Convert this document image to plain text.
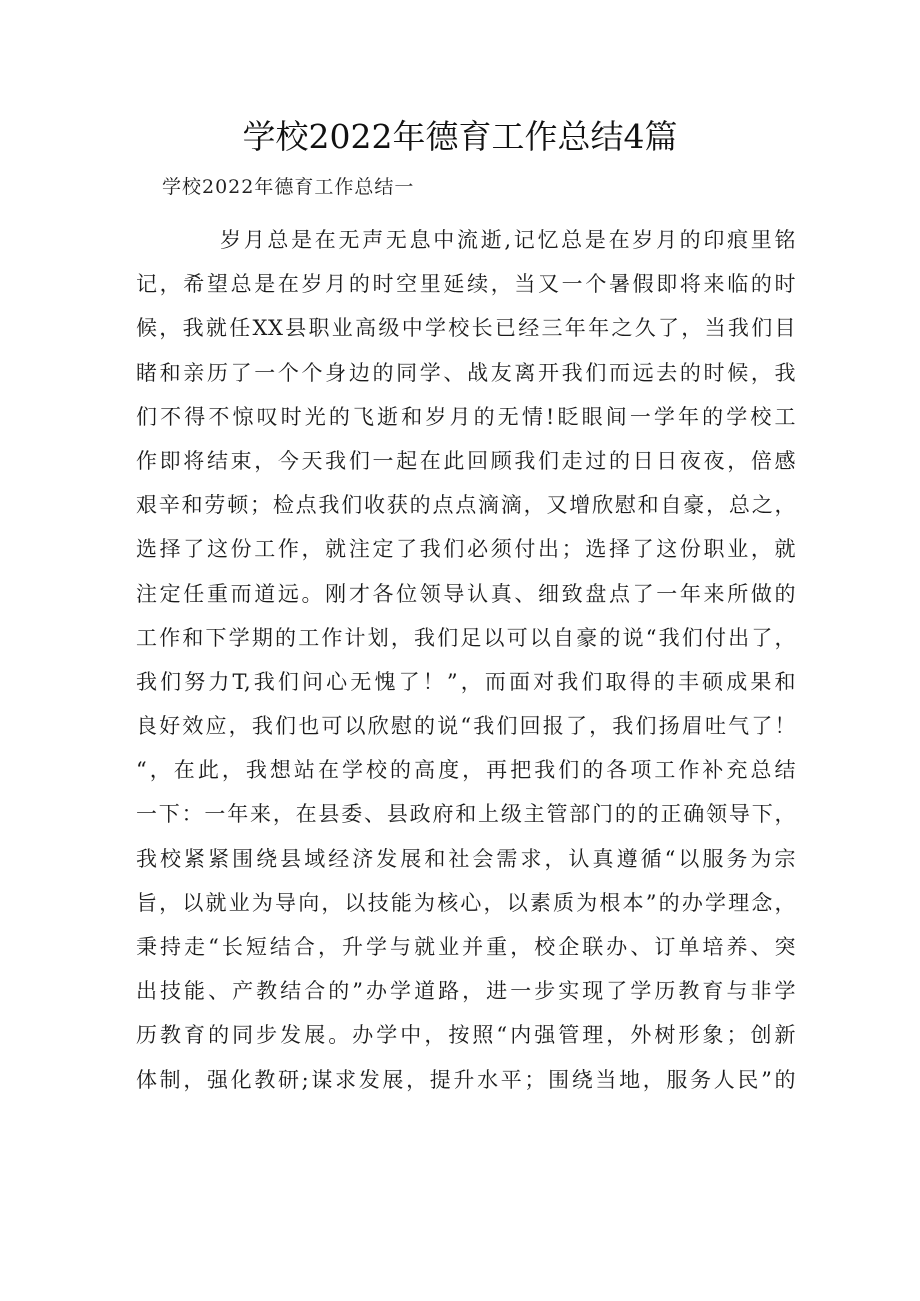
学校2022年德育工作总结4篇
学校2022年德育工作总结一
岁月总是在无声无息中流逝,记忆总是在岁月的印痕里铭
记，希望总是在岁月的时空里延续，当又一个暑假即将来临的时
候，我就任XX县职业高级中学校长已经三年年之久了，当我们目
睹和亲历了一个个身边的同学、战友离开我们而远去的时候，我
们不得不惊叹时光的飞逝和岁月的无情!眨眼间一学年的学校工
作即将结束，今天我们一起在此回顾我们走过的日日夜夜，倍感
艰辛和劳顿；检点我们收获的点点滴滴，又增欣慰和自豪，总之，
选择了这份工作，就注定了我们必须付出；选择了这份职业，就
注定任重而道远。刚才各位领导认真、细致盘点了一年来所做的
工作和下学期的工作计划，我们足以可以自豪的说“我们付出了，
我们努力T,我们问心无愧了！”，而面对我们取得的丰硕成果和
良好效应，我们也可以欣慰的说“我们回报了，我们扬眉吐气了！
“，在此，我想站在学校的高度，再把我们的各项工作补充总结
一下：一年来，在县委、县政府和上级主管部门的的正确领导下，
我校紧紧围绕县域经济发展和社会需求，认真遵循“以服务为宗
旨，以就业为导向，以技能为核心，以素质为根本”的办学理念，
秉持走“长短结合，升学与就业并重，校企联办、订单培养、突
出技能、产教结合的”办学道路，进一步实现了学历教育与非学
历教育的同步发展。办学中，按照“内强管理，外树形象；创新
体制，强化教研;谋求发展，提升水平；围绕当地，服务人民”的
